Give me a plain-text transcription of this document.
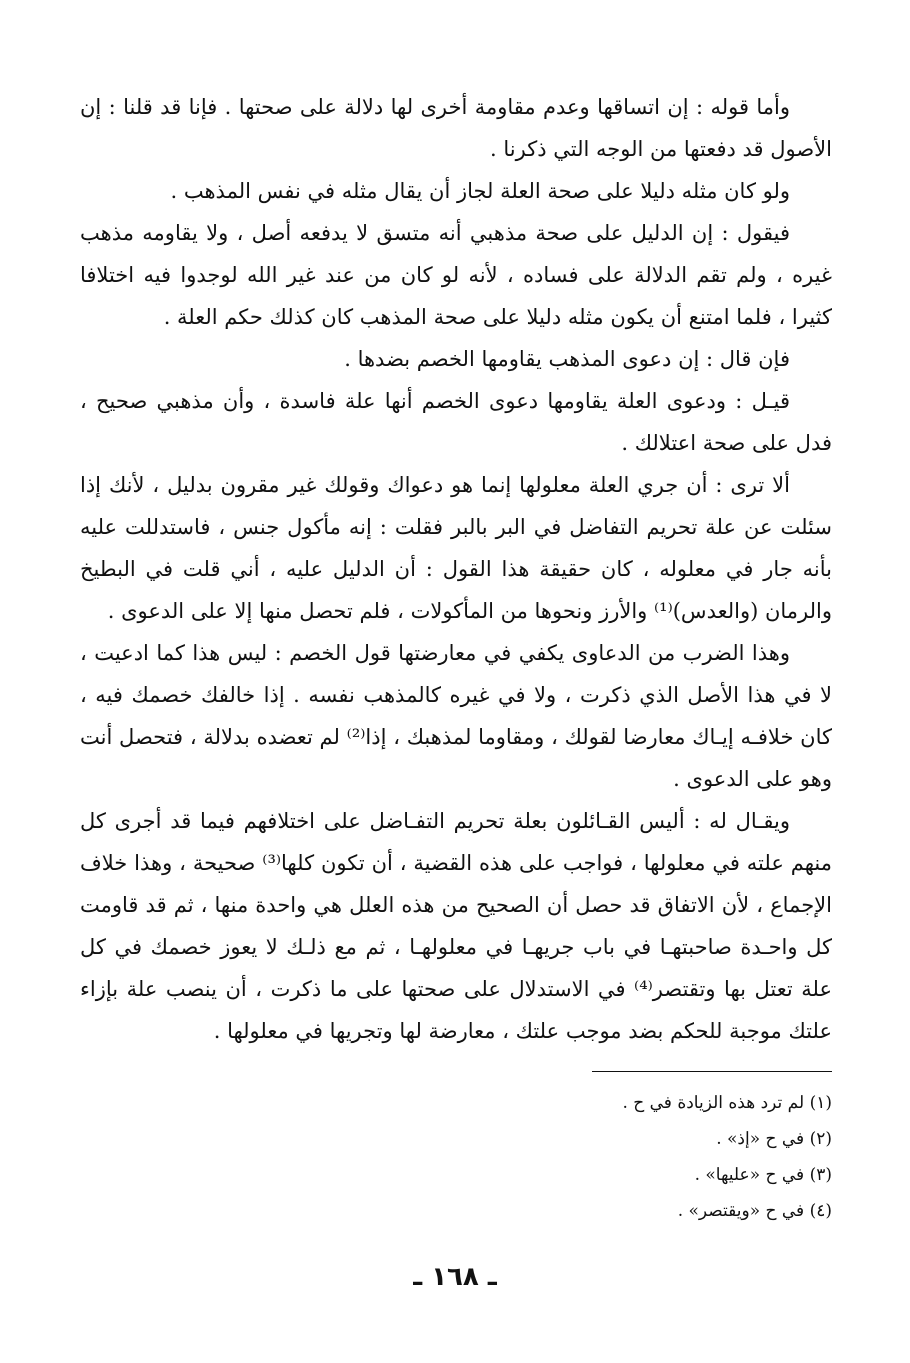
وأما قوله : إن اتساقها وعدم مقاومة أخرى لها دلالة على صحتها . فإنا قد قلنا : إن الأصول قد دفعتها من الوجه التي ذكرنا .

ولو كان مثله دليلا على صحة العلة لجاز أن يقال مثله في نفس المذهب .

فيقول : إن الدليل على صحة مذهبي أنه متسق لا يدفعه أصل ، ولا يقاومه مذهب غيره ، ولم تقم الدلالة على فساده ، لأنه لو كان من عند غير الله لوجدوا فيه اختلافا كثيرا ، فلما امتنع أن يكون مثله دليلا على صحة المذهب كان كذلك حكم العلة .

فإن قال : إن دعوى المذهب يقاومها الخصم بضدها .

قيـل : ودعوى العلة يقاومها دعوى الخصم أنها علة فاسدة ، وأن مذهبي صحيح ، فدل على صحة اعتلالك .

ألا ترى : أن جري العلة معلولها إنما هو دعواك وقولك غير مقرون بدليل ، لأنك إذا سئلت عن علة تحريم التفاضل في البر بالبر فقلت : إنه مأكول جنس ، فاستدللت عليه بأنه جار في معلوله ، كان حقيقة هذا القول : أن الدليل عليه ، أني قلت في البطيخ والرمان (والعدس)⁽¹⁾ والأرز ونحوها من المأكولات ، فلم تحصل منها إلا على الدعوى .

وهذا الضرب من الدعاوى يكفي في معارضتها قول الخصم : ليس هذا كما ادعيت ، لا في هذا الأصل الذي ذكرت ، ولا في غيره كالمذهب نفسه . إذا خالفك خصمك فيه ، كان خلافـه إيـاك معارضا لقولك ، ومقاوما لمذهبك ، إذا⁽²⁾ لم تعضده بدلالة ، فتحصل أنت وهو على الدعوى .

ويقـال له : أليس القـائلون بعلة تحريم التفـاضل على اختلافهم فيما قد أجرى كل منهم علته في معلولها ، فواجب على هذه القضية ، أن تكون كلها⁽³⁾ صحيحة ، وهذا خلاف الإجماع ، لأن الاتفاق قد حصل أن الصحيح من هذه العلل هي واحدة منها ، ثم قد قاومت كل واحـدة صاحبتهـا في باب جريهـا في معلولهـا ، ثم مع ذلـك لا يعوز خصمك في كل علة تعتل بها وتقتصر⁽⁴⁾ في الاستدلال على صحتها على ما ذكرت ، أن ينصب علة بإزاء علتك موجبة للحكم بضد موجب علتك ، معارضة لها وتجريها في معلولها .

(١) لم ترد هذه الزيادة في ح .

(٢) في ح «إذ» .

(٣) في ح «عليها» .

(٤) في ح «ويقتصر» .

ـ ١٦٨ ـ
